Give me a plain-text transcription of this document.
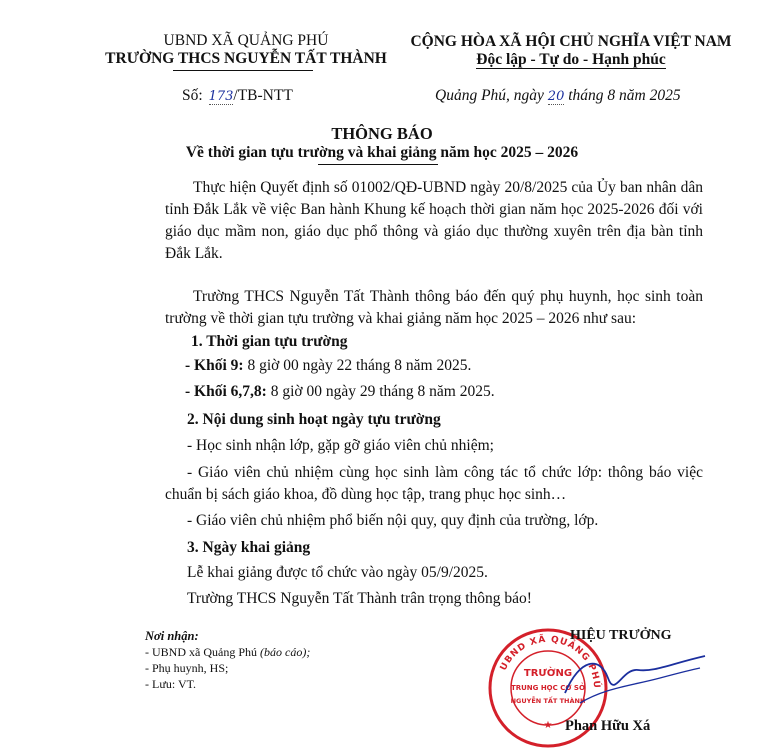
UBND XÃ QUẢNG PHÚ
TRƯỜNG THCS NGUYỄN TẤT THÀNH
CỘNG HÒA XÃ HỘI CHỦ NGHĨA VIỆT NAM
Độc lập - Tự do - Hạnh phúc
Số: 173/TB-NTT	Quảng Phú, ngày 20 tháng 8 năm 2025
THÔNG BÁO
Về thời gian tựu trường và khai giảng năm học 2025 – 2026
Thực hiện Quyết định số 01002/QĐ-UBND ngày 20/8/2025 của Ủy ban nhân dân tỉnh Đắk Lắk về việc Ban hành Khung kế hoạch thời gian năm học 2025-2026 đối với giáo dục mầm non, giáo dục phổ thông và giáo dục thường xuyên trên địa bàn tỉnh Đắk Lắk.
Trường THCS Nguyễn Tất Thành thông báo đến quý phụ huynh, học sinh toàn trường về thời gian tựu trường và khai giảng năm học 2025 – 2026 như sau:
1. Thời gian tựu trường
- Khối 9: 8 giờ 00 ngày 22 tháng 8 năm 2025.
- Khối 6,7,8: 8 giờ 00 ngày 29 tháng 8 năm 2025.
2. Nội dung sinh hoạt ngày tựu trường
- Học sinh nhận lớp, gặp gỡ giáo viên chủ nhiệm;
- Giáo viên chủ nhiệm cùng học sinh làm công tác tổ chức lớp: thông báo việc chuẩn bị sách giáo khoa, đồ dùng học tập, trang phục học sinh…
- Giáo viên chủ nhiệm phổ biến nội quy, quy định của trường, lớp.
3. Ngày khai giảng
Lễ khai giảng được tổ chức vào ngày 05/9/2025.
Trường THCS Nguyễn Tất Thành trân trọng thông báo!
Nơi nhận:
- UBND xã Quảng Phú (báo cáo);
- Phụ huynh, HS;
- Lưu: VT.
UBND XÃ QUẢNG PHÚ
TRƯỜNG
TRUNG HỌC CƠ SỞ
NGUYỄN TẤT THÀNH
★
HIỆU TRƯỞNG
Phan Hữu Xá
